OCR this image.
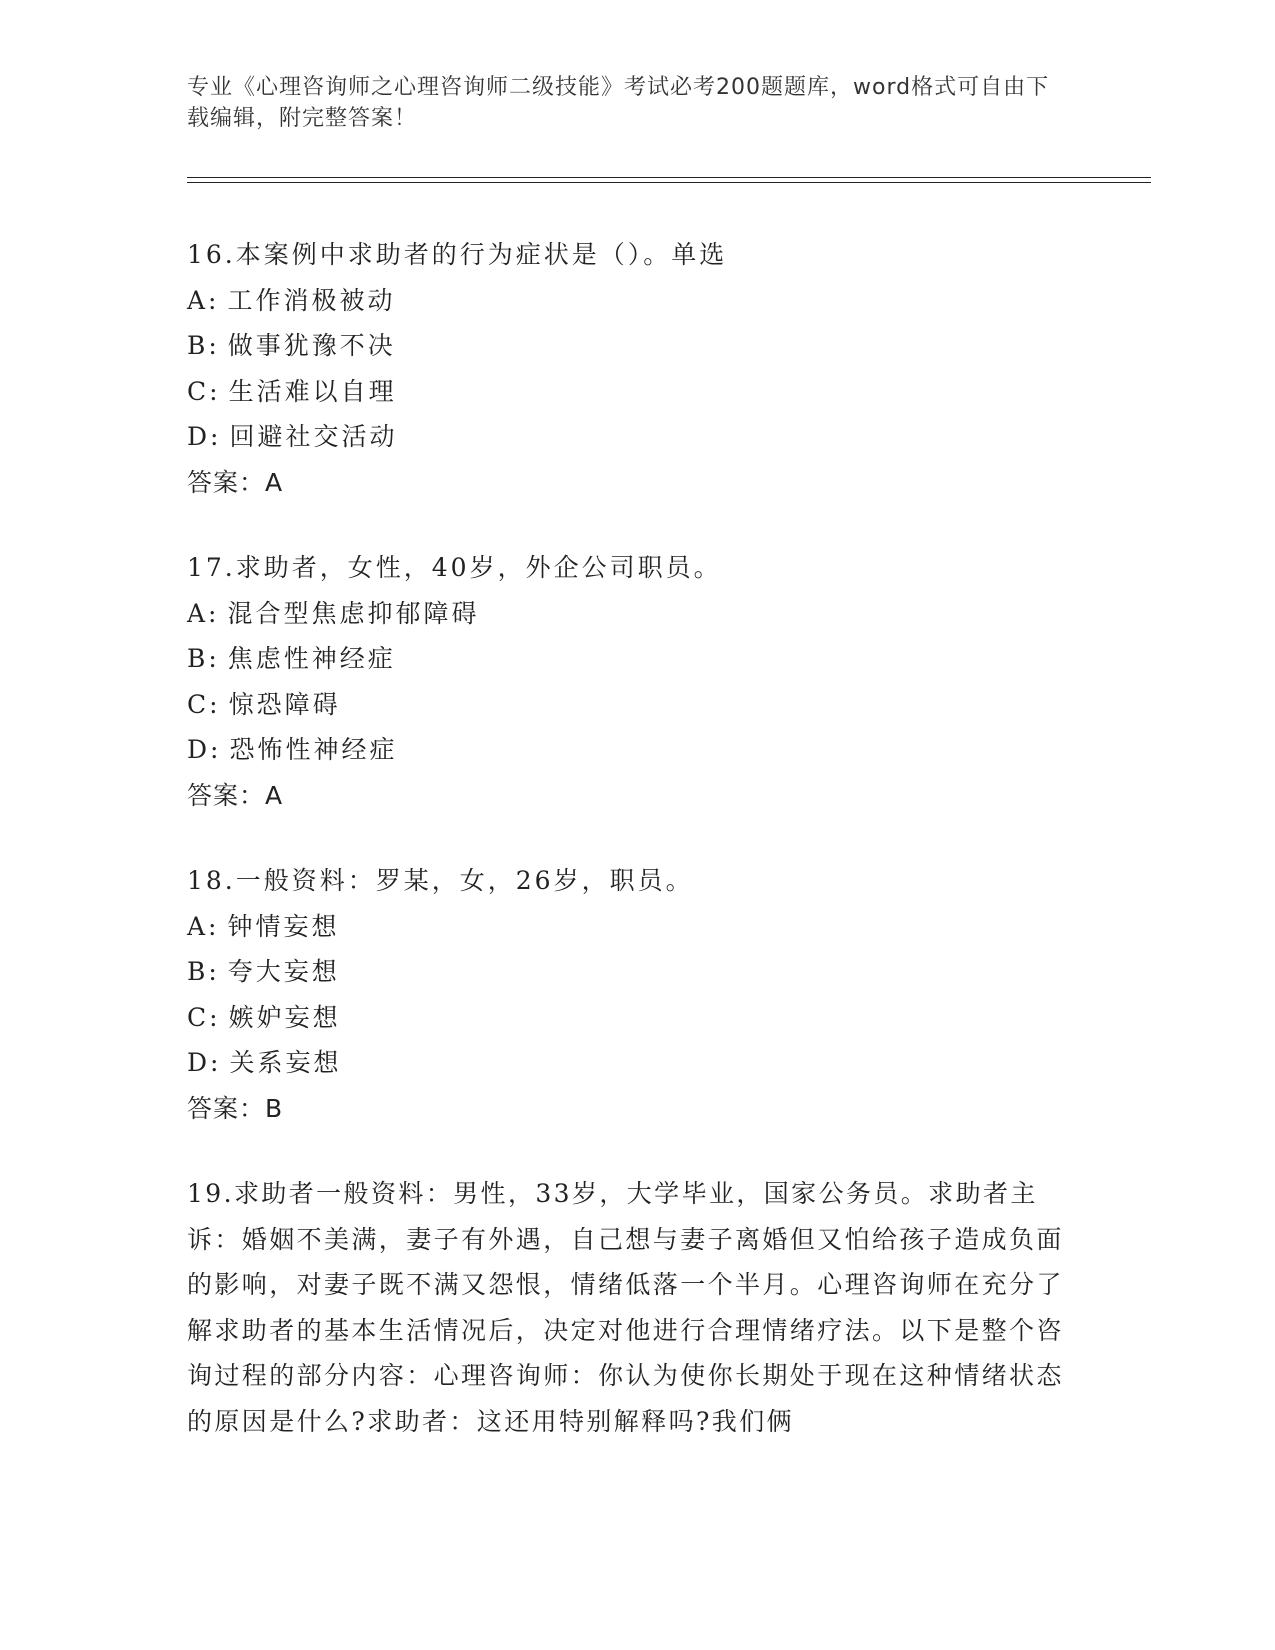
专业《心理咨询师之心理咨询师二级技能》考试必考200题题库，word格式可自由下载编辑，附完整答案！

16.本案例中求助者的行为症状是（）。单选

A: 工作消极被动

B: 做事犹豫不决

C: 生活难以自理

D: 回避社交活动

答案：A

17.求助者，女性，40岁，外企公司职员。

A: 混合型焦虑抑郁障碍

B: 焦虑性神经症

C: 惊恐障碍

D: 恐怖性神经症

答案：A

18.一般资料：罗某，女，26岁，职员。

A: 钟情妄想

B: 夸大妄想

C: 嫉妒妄想

D: 关系妄想

答案：B

19.求助者一般资料：男性，33岁，大学毕业，国家公务员。求助者主诉：婚姻不美满，妻子有外遇，自己想与妻子离婚但又怕给孩子造成负面的影响，对妻子既不满又怨恨，情绪低落一个半月。心理咨询师在充分了解求助者的基本生活情况后，决定对他进行合理情绪疗法。以下是整个咨询过程的部分内容：心理咨询师：你认为使你长期处于现在这种情绪状态的原因是什么?求助者：这还用特别解释吗?我们俩
